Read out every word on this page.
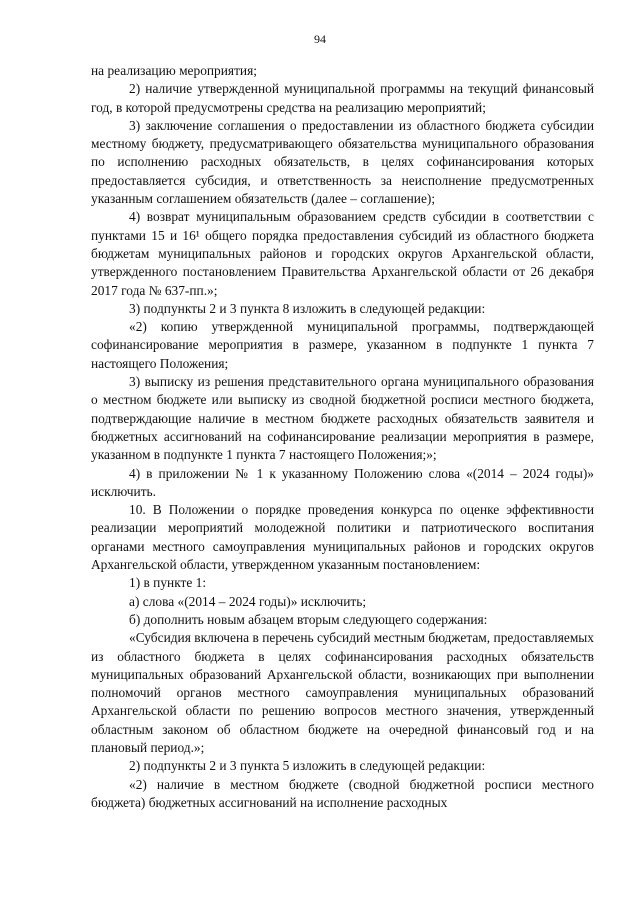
94

на реализацию мероприятия;

2) наличие утвержденной муниципальной программы на текущий финансовый год, в которой предусмотрены средства на реализацию мероприятий;

3) заключение соглашения о предоставлении из областного бюджета субсидии местному бюджету, предусматривающего обязательства муниципального образования по исполнению расходных обязательств, в целях софинансирования которых предоставляется субсидия, и ответственность за неисполнение предусмотренных указанным соглашением обязательств (далее – соглашение);

4) возврат муниципальным образованием средств субсидии в соответствии с пунктами 15 и 16¹ общего порядка предоставления субсидий из областного бюджета бюджетам муниципальных районов и городских округов Архангельской области, утвержденного постановлением Правительства Архангельской области от 26 декабря 2017 года № 637-пп.»;

3) подпункты 2 и 3 пункта 8 изложить в следующей редакции:

«2) копию утвержденной муниципальной программы, подтверждающей софинансирование мероприятия в размере, указанном в подпункте 1 пункта 7 настоящего Положения;

3) выписку из решения представительного органа муниципального образования о местном бюджете или выписку из сводной бюджетной росписи местного бюджета, подтверждающие наличие в местном бюджете расходных обязательств заявителя и бюджетных ассигнований на софинансирование реализации мероприятия в размере, указанном в подпункте 1 пункта 7 настоящего Положения;»;

4) в приложении № 1 к указанному Положению слова «(2014 – 2024 годы)» исключить.

10. В Положении о порядке проведения конкурса по оценке эффективности реализации мероприятий молодежной политики и патриотического воспитания органами местного самоуправления муниципальных районов и городских округов Архангельской области, утвержденном указанным постановлением:

1) в пункте 1:

а) слова «(2014 – 2024 годы)» исключить;

б) дополнить новым абзацем вторым следующего содержания:

«Субсидия включена в перечень субсидий местным бюджетам, предоставляемых из областного бюджета в целях софинансирования расходных обязательств муниципальных образований Архангельской области, возникающих при выполнении полномочий органов местного самоуправления муниципальных образований Архангельской области по решению вопросов местного значения, утвержденный областным законом об областном бюджете на очередной финансовый год и на плановый период.»;

2) подпункты 2 и 3 пункта 5 изложить в следующей редакции:

«2) наличие в местном бюджете (сводной бюджетной росписи местного бюджета) бюджетных ассигнований на исполнение расходных
